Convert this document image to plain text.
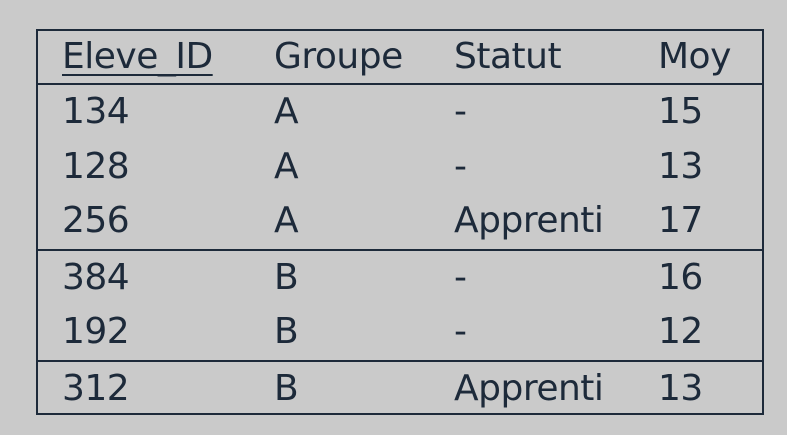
Eleve_ID	Groupe	Statut	Moy
134	A	-	15
128	A	-	13
256	A	Apprenti	17
384	B	-	16
192	B	-	12
312	B	Apprenti	13
